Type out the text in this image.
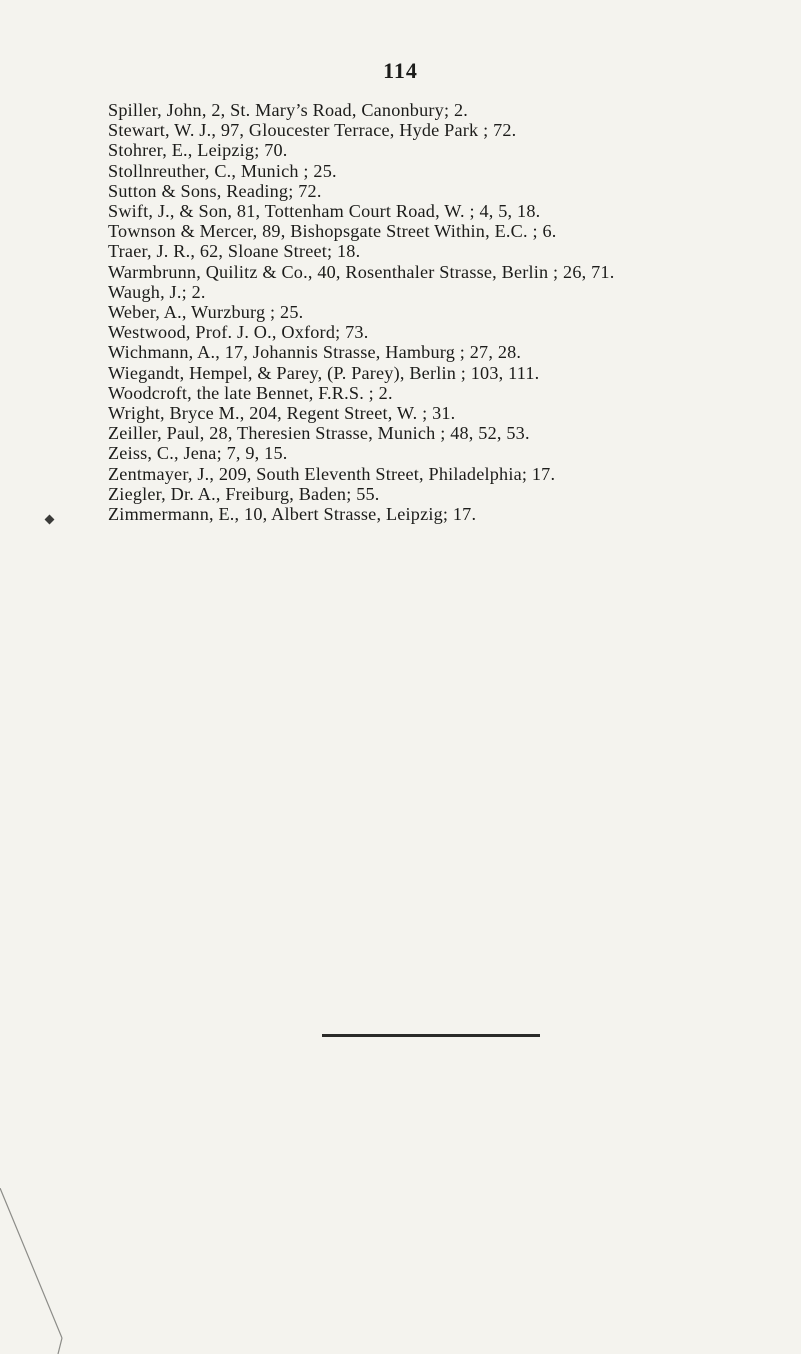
114
Spiller, John, 2, St. Mary’s Road, Canonbury; 2.
Stewart, W. J., 97, Gloucester Terrace, Hyde Park ; 72.
Stohrer, E., Leipzig; 70.
Stollnreuther, C., Munich ; 25.
Sutton & Sons, Reading; 72.
Swift, J., & Son, 81, Tottenham Court Road, W. ; 4, 5, 18.
Townson & Mercer, 89, Bishopsgate Street Within, E.C. ; 6.
Traer, J. R., 62, Sloane Street; 18.
Warmbrunn, Quilitz & Co., 40, Rosenthaler Strasse, Berlin ; 26, 71.
Waugh, J.; 2.
Weber, A., Wurzburg ; 25.
Westwood, Prof. J. O., Oxford; 73.
Wichmann, A., 17, Johannis Strasse, Hamburg ; 27, 28.
Wiegandt, Hempel, & Parey, (P. Parey), Berlin ; 103, 111.
Woodcroft, the late Bennet, F.R.S. ; 2.
Wright, Bryce M., 204, Regent Street, W. ; 31.
Zeiller, Paul, 28, Theresien Strasse, Munich ; 48, 52, 53.
Zeiss, C., Jena; 7, 9, 15.
Zentmayer, J., 209, South Eleventh Street, Philadelphia; 17.
Ziegler, Dr. A., Freiburg, Baden; 55.
Zimmermann, E., 10, Albert Strasse, Leipzig; 17.
